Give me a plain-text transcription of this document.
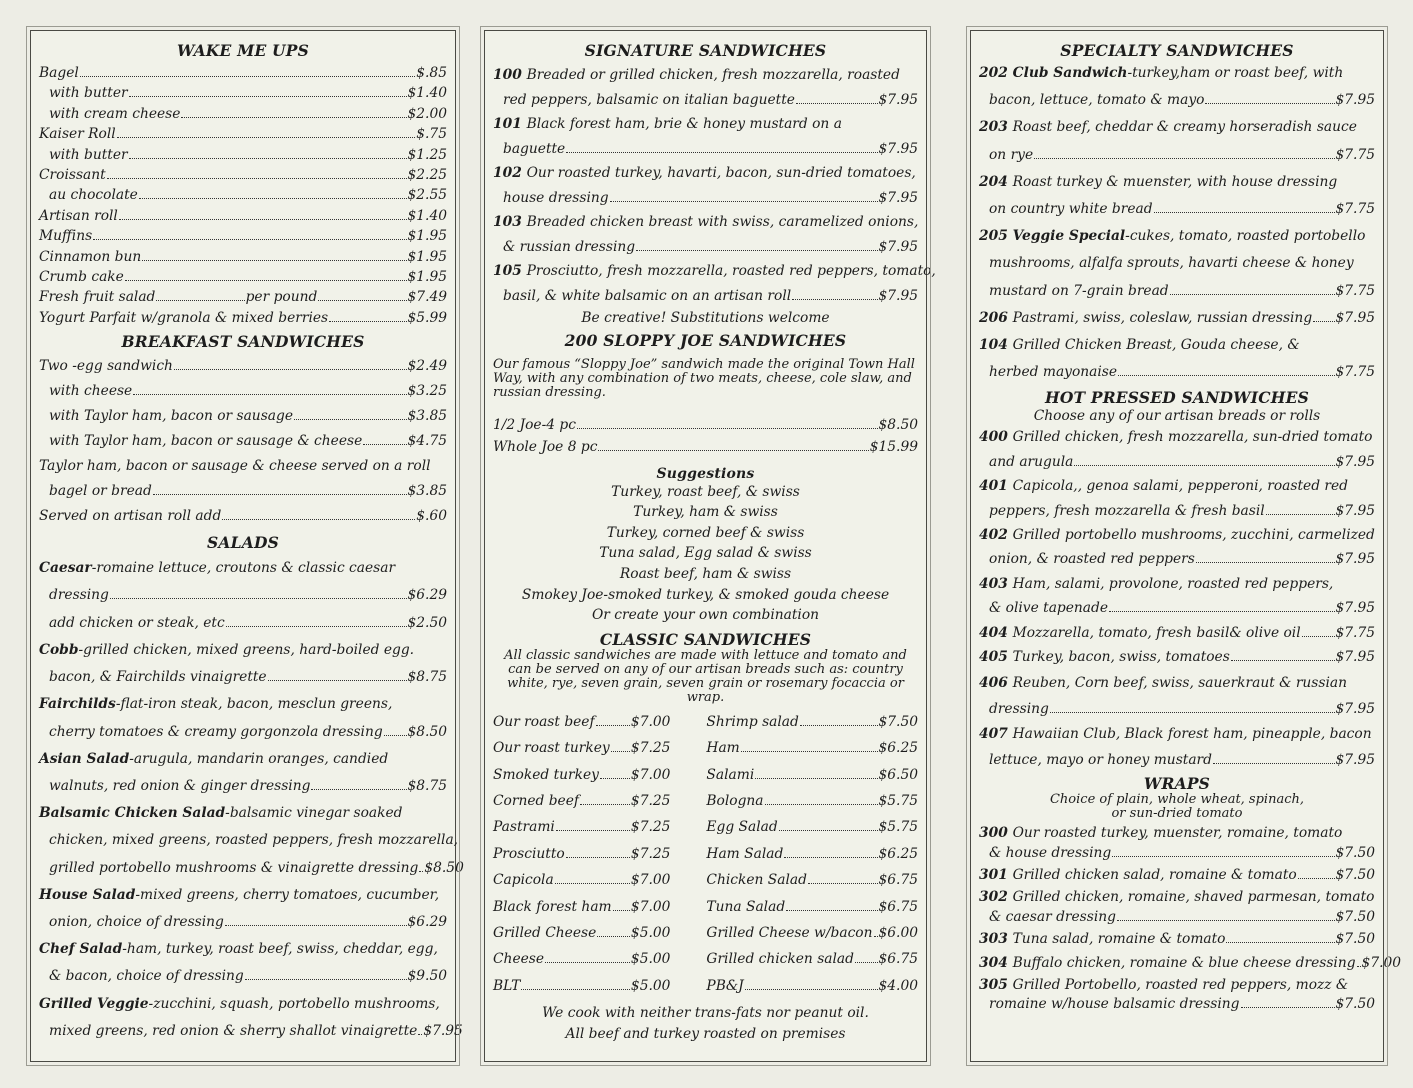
WAKE ME UPS
Bagel	$.85
with butter	$1.40
with cream cheese	$2.00
Kaiser Roll	$.75
with butter	$1.25
Croissant	$2.25
au chocolate	$2.55
Artisan roll	$1.40
Muffins	$1.95
Cinnamon bun	$1.95
Crumb cake	$1.95
Fresh fruit salad	per pound	$7.49
Yogurt Parfait w/granola & mixed berries	$5.99
BREAKFAST SANDWICHES
Two -egg sandwich	$2.49
with cheese	$3.25
with Taylor ham, bacon or sausage	$3.85
with Taylor ham, bacon or sausage & cheese	$4.75
Taylor ham, bacon or sausage & cheese served on a roll
bagel or bread	$3.85
Served on artisan roll add	$.60
SALADS
Caesar-romaine lettuce, croutons & classic caesar
dressing	$6.29
add chicken or steak, etc	$2.50
Cobb-grilled chicken, mixed greens, hard-boiled egg.
bacon, & Fairchilds vinaigrette	$8.75
Fairchilds-flat-iron steak, bacon, mesclun greens,
cherry tomatoes & creamy gorgonzola dressing $8.50
Asian Salad-arugula, mandarin oranges, candied
walnuts, red onion & ginger dressing	$8.75
Balsamic Chicken Salad-balsamic vinegar soaked
chicken, mixed greens, roasted peppers, fresh mozzarella,
grilled portobello mushrooms & vinaigrette dressing $8.50
House Salad-mixed greens, cherry tomatoes, cucumber,
onion, choice of dressing	$6.29
Chef Salad-ham, turkey, roast beef, swiss, cheddar, egg,
& bacon, choice of dressing	$9.50
Grilled Veggie-zucchini, squash, portobello mushrooms,
mixed greens, red onion & sherry shallot vinaigrette $7.95
SIGNATURE SANDWICHES
100 Breaded or grilled chicken, fresh mozzarella, roasted
red peppers, balsamic on italian baguette	$7.95
101 Black forest ham, brie & honey mustard on a
baguette	$7.95
102 Our roasted turkey, havarti, bacon, sun-dried tomatoes,
house dressing	$7.95
103 Breaded chicken breast with swiss, caramelized onions,
& russian dressing	$7.95
105 Prosciutto, fresh mozzarella, roasted red peppers, tomato,
basil, & white balsamic on an artisan roll	$7.95
Be creative! Substitutions welcome
200 SLOPPY JOE SANDWICHES
Our famous “Sloppy Joe” sandwich made the original Town Hall Way, with any combination of two meats, cheese, cole slaw, and russian dressing.
1/2 Joe-4 pc	$8.50
Whole Joe 8 pc	$15.99
Suggestions
Turkey, roast beef, & swiss
Turkey, ham & swiss
Turkey, corned beef & swiss
Tuna salad, Egg salad & swiss
Roast beef, ham & swiss
Smokey Joe-smoked turkey, & smoked gouda cheese
Or create your own combination
CLASSIC SANDWICHES
All classic sandwiches are made with lettuce and tomato and can be served on any of our artisan breads such as: country white, rye, seven grain, seven grain or rosemary focaccia or wrap.
Our roast beef	$7.00
Our roast turkey $7.25
Smoked turkey $7.00
Corned beef	$7.25
Pastrami	$7.25
Prosciutto	$7.25
Capicola	$7.00
Black forest ham $7.00
Grilled Cheese	$5.00
Cheese	$5.00
BLT	$5.00
Shrimp salad	$7.50
Ham	$6.25
Salami	$6.50
Bologna	$5.75
Egg Salad	$5.75
Ham Salad	$6.25
Chicken Salad	$6.75
Tuna Salad	$6.75
Grilled Cheese w/bacon $6.00
Grilled chicken salad $6.75
PB&J	$4.00
We cook with neither trans-fats nor peanut oil.
All beef and turkey roasted on premises
SPECIALTY SANDWICHES
202 Club Sandwich-turkey,ham or roast beef, with
bacon, lettuce, tomato & mayo	$7.95
203 Roast beef, cheddar & creamy horseradish sauce
on rye	$7.75
204 Roast turkey & muenster, with house dressing
on country white bread	$7.75
205 Veggie Special-cukes, tomato, roasted portobello
mushrooms, alfalfa sprouts, havarti cheese & honey
mustard on 7-grain bread	$7.75
206 Pastrami, swiss, coleslaw, russian dressing $7.95
104 Grilled Chicken Breast, Gouda cheese, &
herbed mayonaise	$7.75
HOT PRESSED SANDWICHES
Choose any of our artisan breads or rolls
400 Grilled chicken, fresh mozzarella, sun-dried tomato
and arugula	$7.95
401 Capicola,, genoa salami, pepperoni, roasted red
peppers, fresh mozzarella & fresh basil	$7.95
402 Grilled portobello mushrooms, zucchini, carmelized
onion, & roasted red peppers	$7.95
403 Ham, salami, provolone, roasted red peppers,
& olive tapenade	$7.95
404 Mozzarella, tomato, fresh basil& olive oil	$7.75
405 Turkey, bacon, swiss, tomatoes	$7.95
406 Reuben, Corn beef, swiss, sauerkraut & russian
dressing	$7.95
407 Hawaiian Club, Black forest ham, pineapple, bacon
lettuce, mayo or honey mustard	$7.95
WRAPS
Choice of plain, whole wheat, spinach,
or sun-dried tomato
300 Our roasted turkey, muenster, romaine, tomato
& house dressing	$7.50
301 Grilled chicken salad, romaine & tomato	$7.50
302 Grilled chicken, romaine, shaved parmesan, tomato
& caesar dressing	$7.50
303 Tuna salad, romaine & tomato	$7.50
304 Buffalo chicken, romaine & blue cheese dressing $7.00
305 Grilled Portobello, roasted red peppers, mozz &
romaine w/house balsamic dressing	$7.50
